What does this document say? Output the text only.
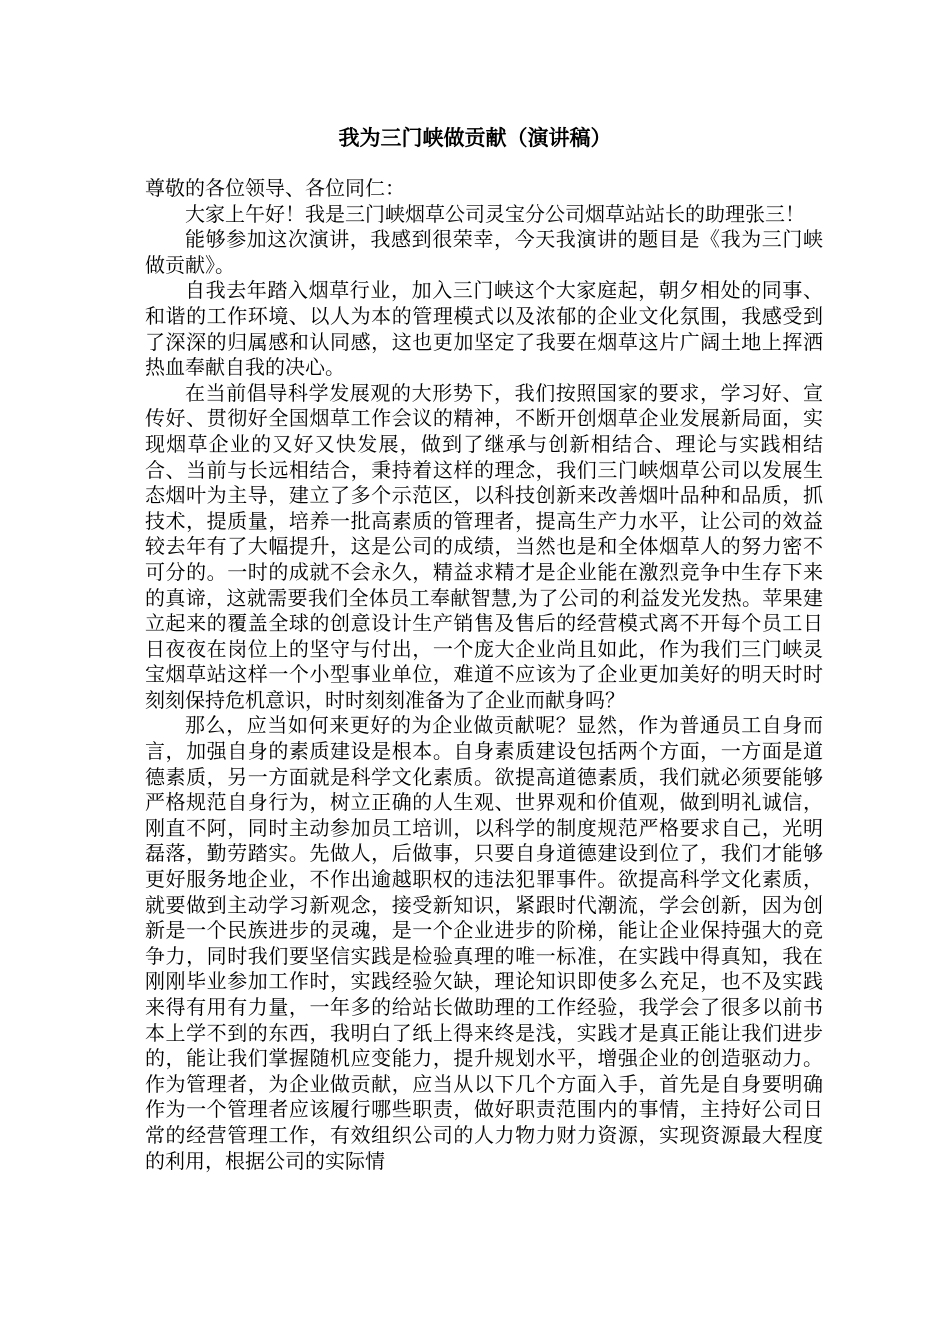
我为三门峡做贡献（演讲稿）

尊敬的各位领导、各位同仁：

大家上午好！我是三门峡烟草公司灵宝分公司烟草站站长的助理张三！

能够参加这次演讲，我感到很荣幸，今天我演讲的题目是《我为三门峡做贡献》。

自我去年踏入烟草行业，加入三门峡这个大家庭起，朝夕相处的同事、和谐的工作环境、以人为本的管理模式以及浓郁的企业文化氛围，我感受到了深深的归属感和认同感，这也更加坚定了我要在烟草这片广阔土地上挥洒热血奉献自我的决心。

在当前倡导科学发展观的大形势下，我们按照国家的要求，学习好、宣传好、贯彻好全国烟草工作会议的精神，不断开创烟草企业发展新局面，实现烟草企业的又好又快发展，做到了继承与创新相结合、理论与实践相结合、当前与长远相结合，秉持着这样的理念，我们三门峡烟草公司以发展生态烟叶为主导，建立了多个示范区，以科技创新来改善烟叶品种和品质，抓技术，提质量，培养一批高素质的管理者，提高生产力水平，让公司的效益较去年有了大幅提升，这是公司的成绩，当然也是和全体烟草人的努力密不可分的。一时的成就不会永久，精益求精才是企业能在激烈竞争中生存下来的真谛，这就需要我们全体员工奉献智慧,为了公司的利益发光发热。苹果建立起来的覆盖全球的创意设计生产销售及售后的经营模式离不开每个员工日日夜夜在岗位上的坚守与付出，一个庞大企业尚且如此，作为我们三门峡灵宝烟草站这样一个小型事业单位，难道不应该为了企业更加美好的明天时时刻刻保持危机意识，时时刻刻准备为了企业而献身吗？

那么，应当如何来更好的为企业做贡献呢？显然，作为普通员工自身而言，加强自身的素质建设是根本。自身素质建设包括两个方面，一方面是道德素质，另一方面就是科学文化素质。欲提高道德素质，我们就必须要能够严格规范自身行为，树立正确的人生观、世界观和价值观，做到明礼诚信，刚直不阿，同时主动参加员工培训，以科学的制度规范严格要求自己，光明磊落，勤劳踏实。先做人，后做事，只要自身道德建设到位了，我们才能够更好服务地企业，不作出逾越职权的违法犯罪事件。欲提高科学文化素质，就要做到主动学习新观念，接受新知识，紧跟时代潮流，学会创新，因为创新是一个民族进步的灵魂，是一个企业进步的阶梯，能让企业保持强大的竞争力，同时我们要坚信实践是检验真理的唯一标准，在实践中得真知，我在刚刚毕业参加工作时，实践经验欠缺，理论知识即使多么充足，也不及实践来得有用有力量，一年多的给站长做助理的工作经验，我学会了很多以前书本上学不到的东西，我明白了纸上得来终是浅，实践才是真正能让我们进步的，能让我们掌握随机应变能力，提升规划水平，增强企业的创造驱动力。作为管理者，为企业做贡献，应当从以下几个方面入手，首先是自身要明确作为一个管理者应该履行哪些职责，做好职责范围内的事情，主持好公司日常的经营管理工作，有效组织公司的人力物力财力资源，实现资源最大程度的利用，根据公司的实际情
